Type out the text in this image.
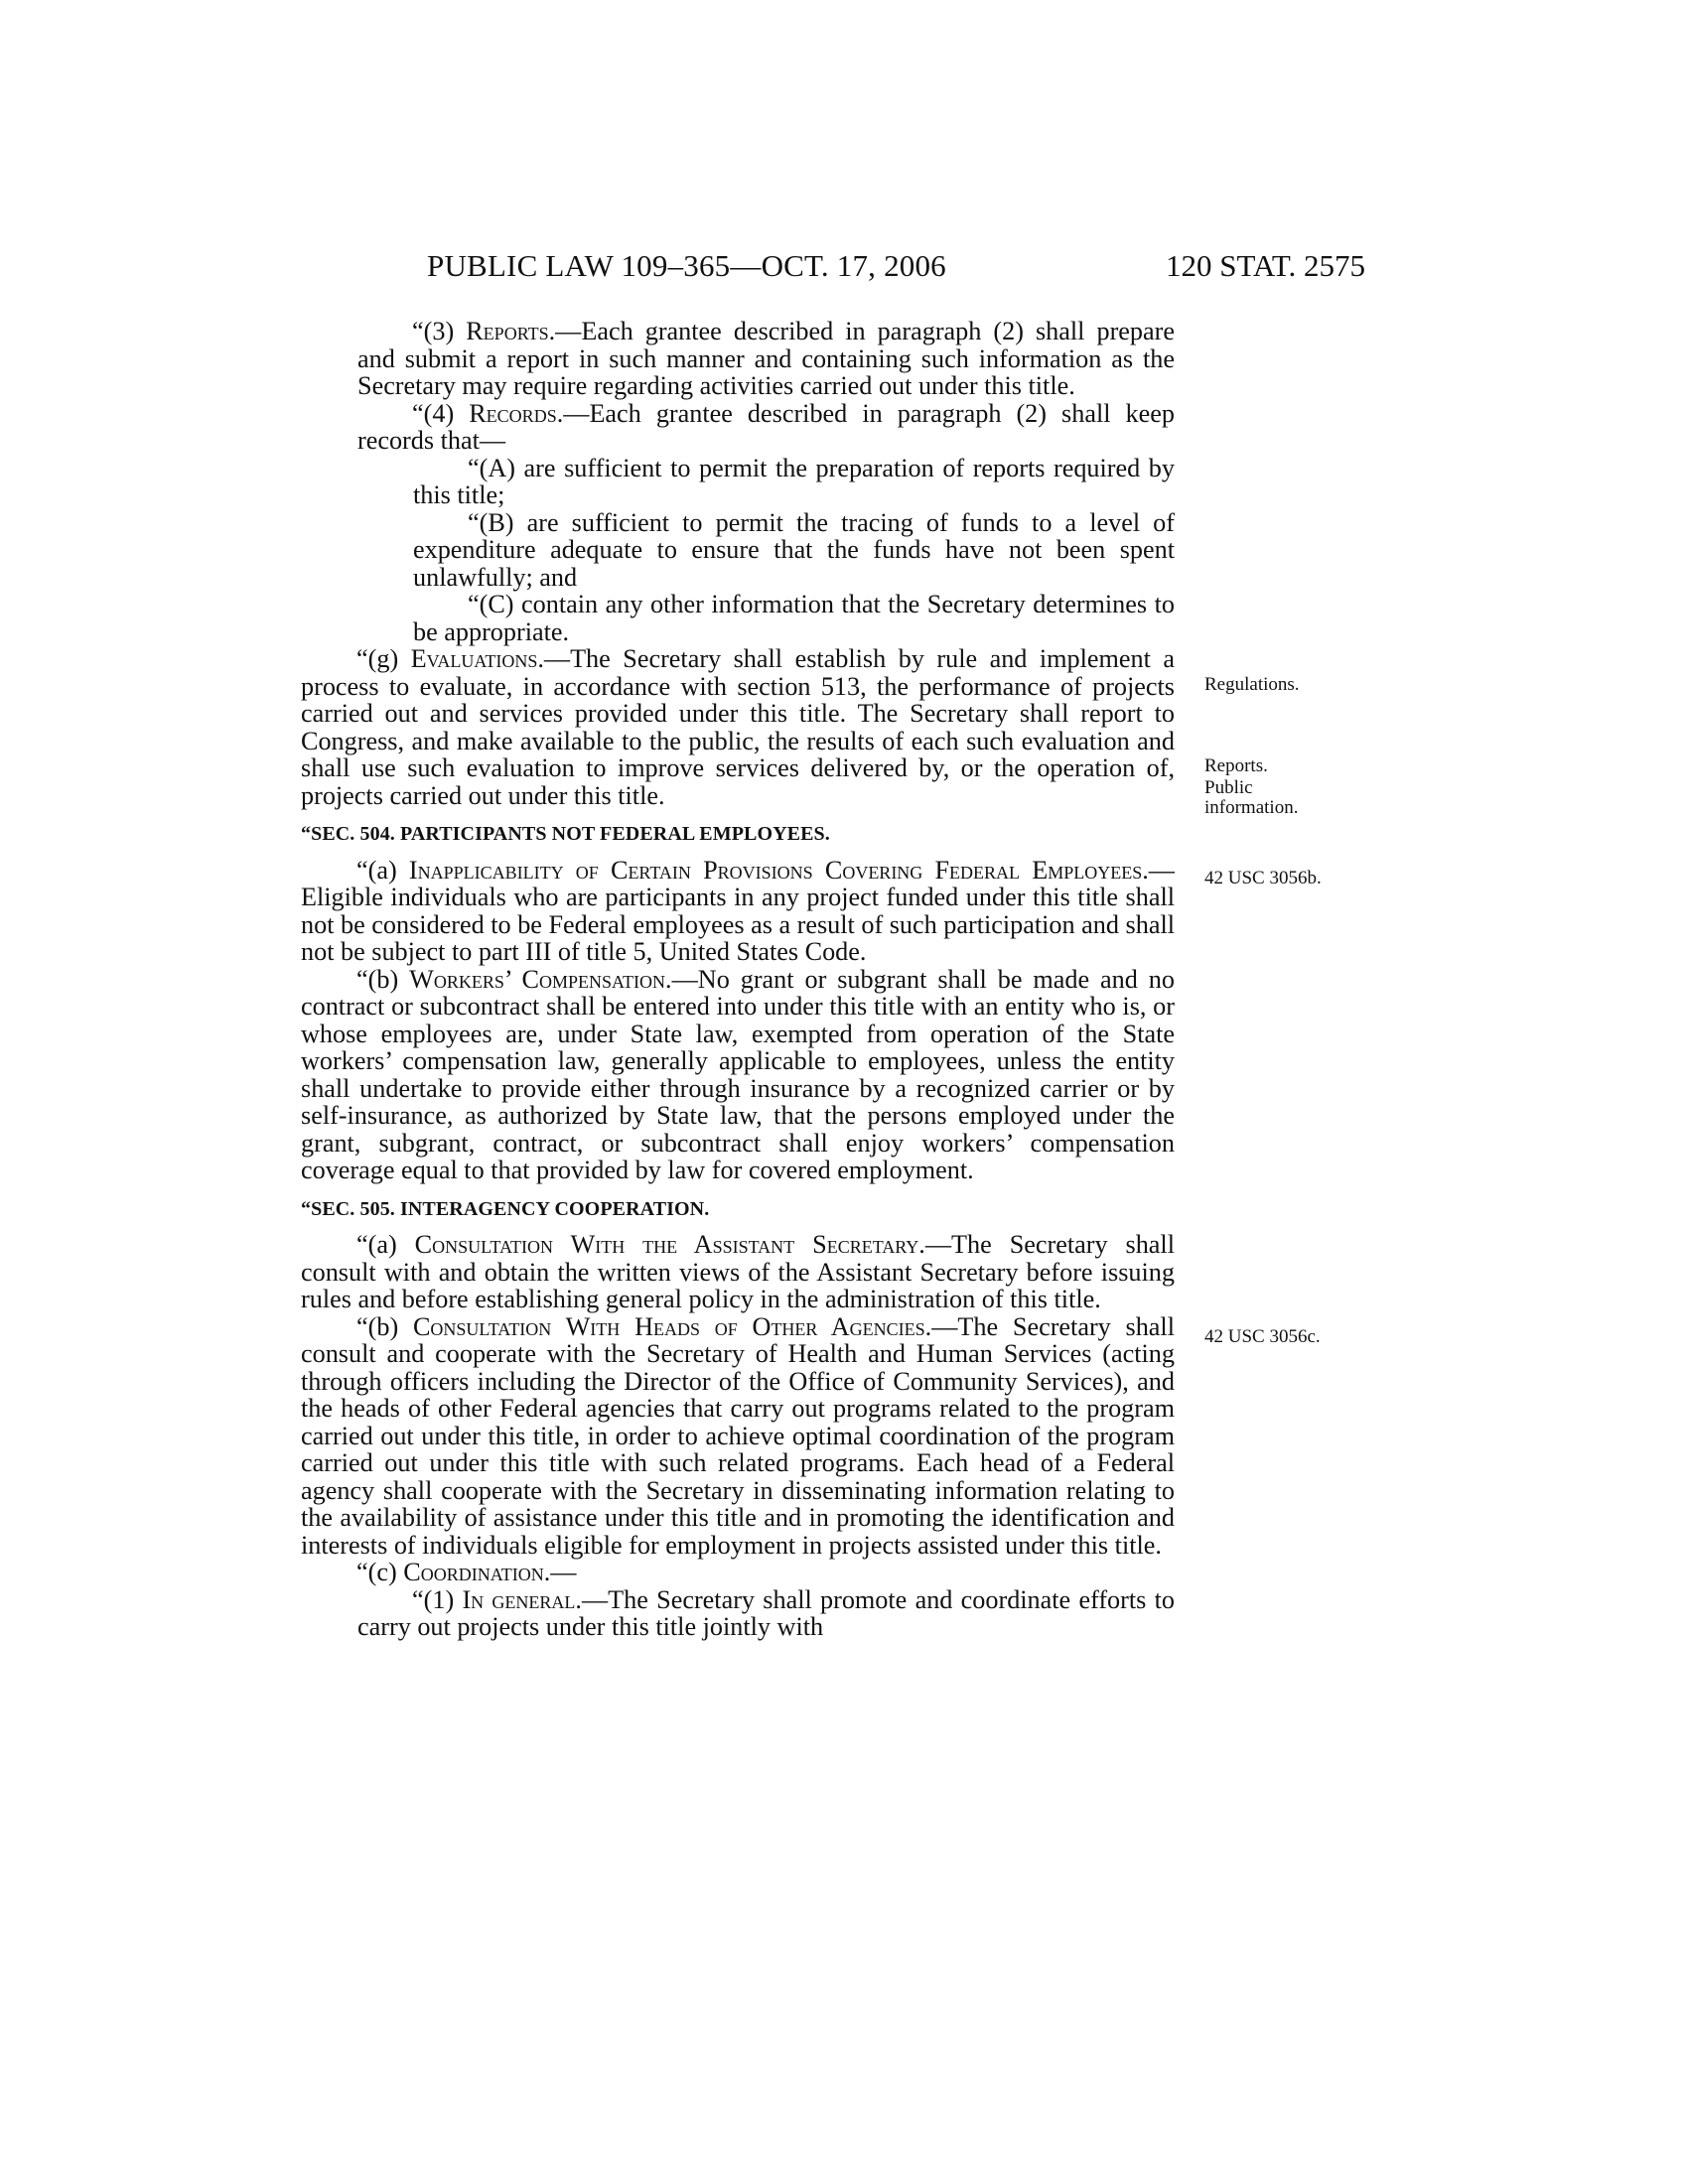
PUBLIC LAW 109–365—OCT. 17, 2006	120 STAT. 2575

“(3) Reports.—Each grantee described in paragraph (2) shall prepare and submit a report in such manner and containing such information as the Secretary may require regarding activities carried out under this title.

“(4) Records.—Each grantee described in paragraph (2) shall keep records that—

“(A) are sufficient to permit the preparation of reports required by this title;

“(B) are sufficient to permit the tracing of funds to a level of expenditure adequate to ensure that the funds have not been spent unlawfully; and

“(C) contain any other information that the Secretary determines to be appropriate.

“(g) Evaluations.—The Secretary shall establish by rule and implement a process to evaluate, in accordance with section 513, the performance of projects carried out and services provided under this title. The Secretary shall report to Congress, and make available to the public, the results of each such evaluation and shall use such evaluation to improve services delivered by, or the operation of, projects carried out under this title.

“SEC. 504. PARTICIPANTS NOT FEDERAL EMPLOYEES.

“(a) Inapplicability of Certain Provisions Covering Federal Employees.—Eligible individuals who are participants in any project funded under this title shall not be considered to be Federal employees as a result of such participation and shall not be subject to part III of title 5, United States Code.

“(b) Workers’ Compensation.—No grant or subgrant shall be made and no contract or subcontract shall be entered into under this title with an entity who is, or whose employees are, under State law, exempted from operation of the State workers’ compensation law, generally applicable to employees, unless the entity shall undertake to provide either through insurance by a recognized carrier or by self-insurance, as authorized by State law, that the persons employed under the grant, subgrant, contract, or subcontract shall enjoy workers’ compensation coverage equal to that provided by law for covered employment.

“SEC. 505. INTERAGENCY COOPERATION.

“(a) Consultation With the Assistant Secretary.—The Secretary shall consult with and obtain the written views of the Assistant Secretary before issuing rules and before establishing general policy in the administration of this title.

“(b) Consultation With Heads of Other Agencies.—The Secretary shall consult and cooperate with the Secretary of Health and Human Services (acting through officers including the Director of the Office of Community Services), and the heads of other Federal agencies that carry out programs related to the program carried out under this title, in order to achieve optimal coordination of the program carried out under this title with such related programs. Each head of a Federal agency shall cooperate with the Secretary in disseminating information relating to the availability of assistance under this title and in promoting the identification and interests of individuals eligible for employment in projects assisted under this title.

“(c) Coordination.—

“(1) In general.—The Secretary shall promote and coordinate efforts to carry out projects under this title jointly with

Regulations.
Reports.
Public information.
42 USC 3056b.
42 USC 3056c.
